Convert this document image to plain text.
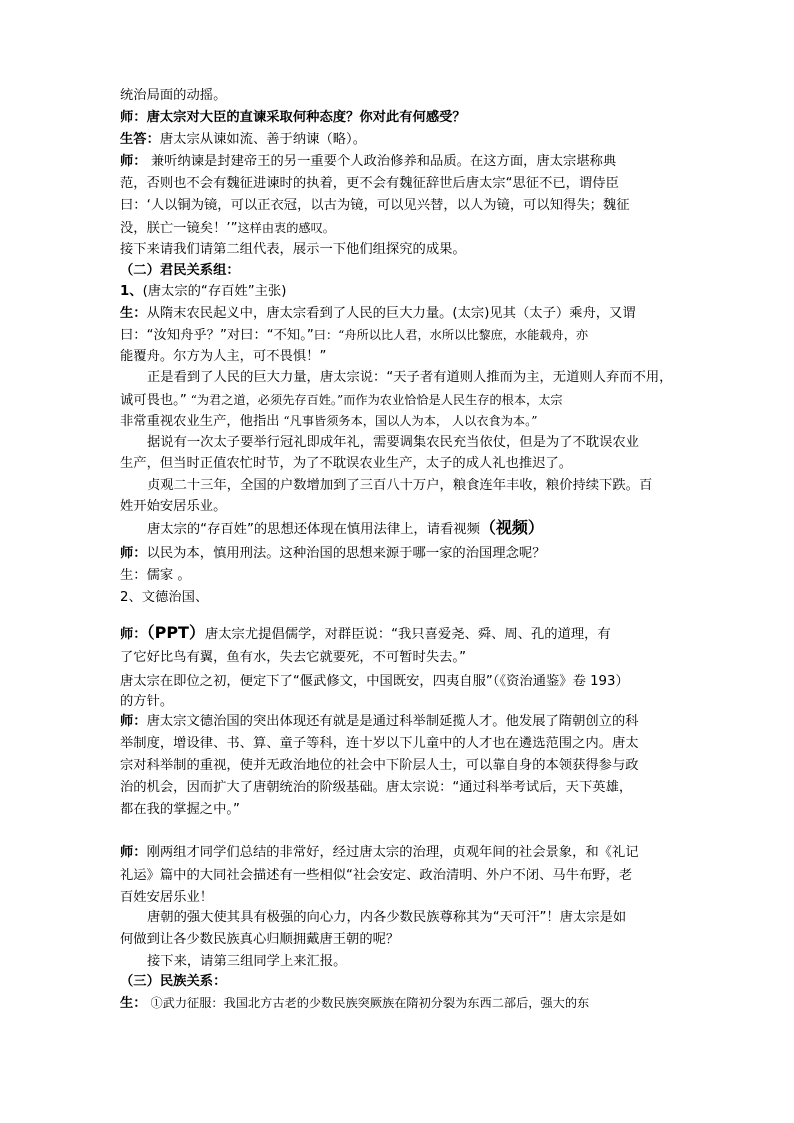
统治局面的动摇。
师：唐太宗对大臣的直谏采取何种态度？你对此有何感受？
生答：唐太宗从谏如流、善于纳谏（略）。
师： 兼听纳谏是封建帝王的另一重要个人政治修养和品质。在这方面，唐太宗堪称典
范，否则也不会有魏征进谏时的执着，更不会有魏征辞世后唐太宗“思征不已，谓侍臣
曰：‘人以铜为镜，可以正衣冠，以古为镜，可以见兴替，以人为镜，可以知得失；魏征
没，朕亡一镜矣！’”这样由衷的感叹。
接下来请我们请第二组代表，展示一下他们组探究的成果。
（二）君民关系组：
1、(唐太宗的“存百姓”主张)
生：从隋末农民起义中，唐太宗看到了人民的巨大力量。(太宗)见其（太子）乘舟，又谓
曰：“汝知舟乎？”对曰：“不知。”曰：“舟所以比人君，水所以比黎庶，水能载舟，亦
能覆舟。尔方为人主，可不畏惧！”
正是看到了人民的巨大力量，唐太宗说：“天子者有道则人推而为主，无道则人弃而不用，
诚可畏也。” “为君之道，必须先存百姓。”而作为农业恰恰是人民生存的根本，太宗
非常重视农业生产，他指出 “凡事皆须务本，国以人为本， 人以衣食为本。”
据说有一次太子要举行冠礼即成年礼，需要调集农民充当依仗，但是为了不耽误农业
生产，但当时正值农忙时节，为了不耽误农业生产，太子的成人礼也推迟了。
贞观二十三年，全国的户数增加到了三百八十万户，粮食连年丰收，粮价持续下跌。百
姓开始安居乐业。
唐太宗的“存百姓”的思想还体现在慎用法律上，请看视频（视频）
师：以民为本，慎用刑法。这种治国的思想来源于哪一家的治国理念呢？
生：儒家 。
2、文德治国、
师：（PPT）唐太宗尤提倡儒学，对群臣说：“我只喜爱尧、舜、周、孔的道理，有
了它好比鸟有翼，鱼有水，失去它就要死，不可暂时失去。”
唐太宗在即位之初，便定下了“偃武修文，中国既安，四夷自服”（《资治通鉴》卷 193）
的方针。
师：唐太宗文德治国的突出体现还有就是是通过科举制延揽人才。他发展了隋朝创立的科
举制度，增设律、书、算、童子等科，连十岁以下儿童中的人才也在遴选范围之内。唐太
宗对科举制的重视，使并无政治地位的社会中下阶层人士，可以靠自身的本领获得参与政
治的机会，因而扩大了唐朝统治的阶级基础。唐太宗说：“通过科举考试后，天下英雄，
都在我的掌握之中。”
师：刚两组才同学们总结的非常好，经过唐太宗的治理，贞观年间的社会景象，和《礼记
礼运》篇中的大同社会描述有一些相似“社会安定、政治清明、外户不闭、马牛布野，老
百姓安居乐业！
唐朝的强大使其具有极强的向心力，内各少数民族尊称其为“天可汗”！唐太宗是如
何做到让各少数民族真心归顺拥戴唐王朝的呢？
接下来，请第三组同学上来汇报。
（三）民族关系：
生： ①武力征服：我国北方古老的少数民族突厥族在隋初分裂为东西二部后，强大的东
